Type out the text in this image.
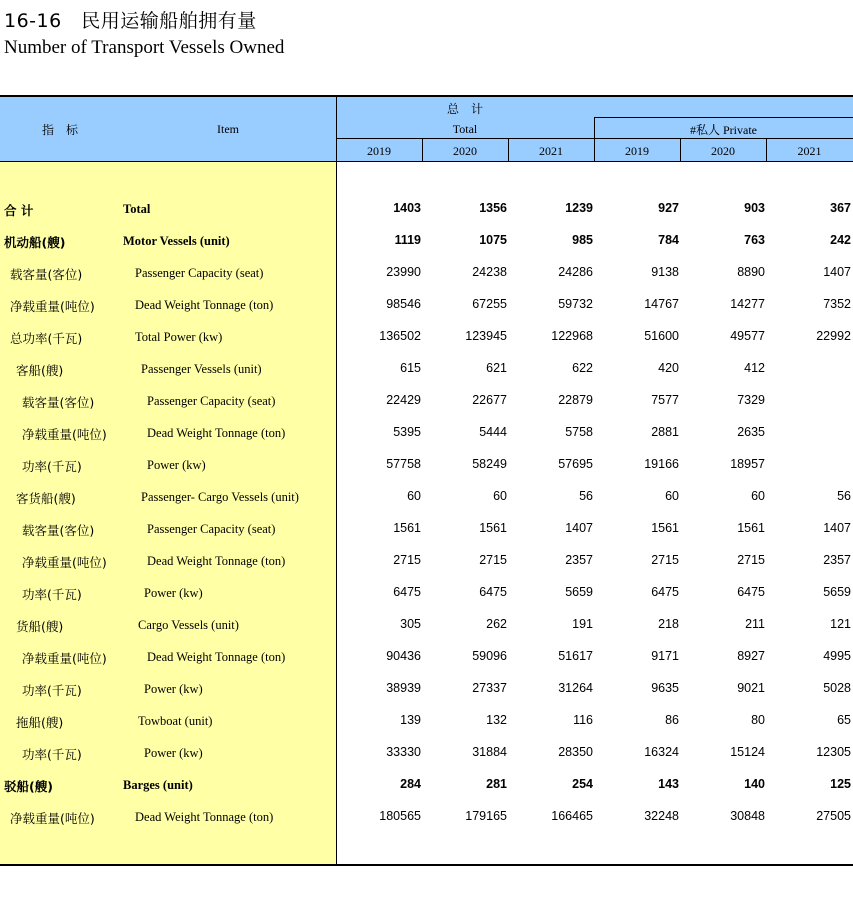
16-16　民用运输船舶拥有量
Number of Transport Vessels Owned
指　标	Item
总　计
Total	#私人 Private
2019	2020	2021	2019	2020	2021
合 计	Total	1403	1356	1239	927	903	367
机动船(艘)	Motor Vessels (unit)	1119	1075	985	784	763	242
载客量(客位)	Passenger Capacity (seat)	23990	24238	24286	9138	8890	1407
净载重量(吨位)	Dead Weight Tonnage (ton)	98546	67255	59732	14767	14277	7352
总功率(千瓦)	Total Power (kw)	136502	123945	122968	51600	49577	22992
客船(艘)	Passenger Vessels (unit)	615	621	622	420	412
载客量(客位)	Passenger Capacity (seat)	22429	22677	22879	7577	7329
净载重量(吨位)	Dead Weight Tonnage (ton)	5395	5444	5758	2881	2635
功率(千瓦)	Power (kw)	57758	58249	57695	19166	18957
客货船(艘)	Passenger- Cargo Vessels (unit)	60	60	56	60	60	56
载客量(客位)	Passenger Capacity (seat)	1561	1561	1407	1561	1561	1407
净载重量(吨位)	Dead Weight Tonnage (ton)	2715	2715	2357	2715	2715	2357
功率(千瓦)	Power (kw)	6475	6475	5659	6475	6475	5659
货船(艘)	Cargo Vessels (unit)	305	262	191	218	211	121
净载重量(吨位)	Dead Weight Tonnage (ton)	90436	59096	51617	9171	8927	4995
功率(千瓦)	Power (kw)	38939	27337	31264	9635	9021	5028
拖船(艘)	Towboat (unit)	139	132	116	86	80	65
功率(千瓦)	Power (kw)	33330	31884	28350	16324	15124	12305
驳船(艘)	Barges (unit)	284	281	254	143	140	125
净载重量(吨位)	Dead Weight Tonnage (ton)	180565	179165	166465	32248	30848	27505
